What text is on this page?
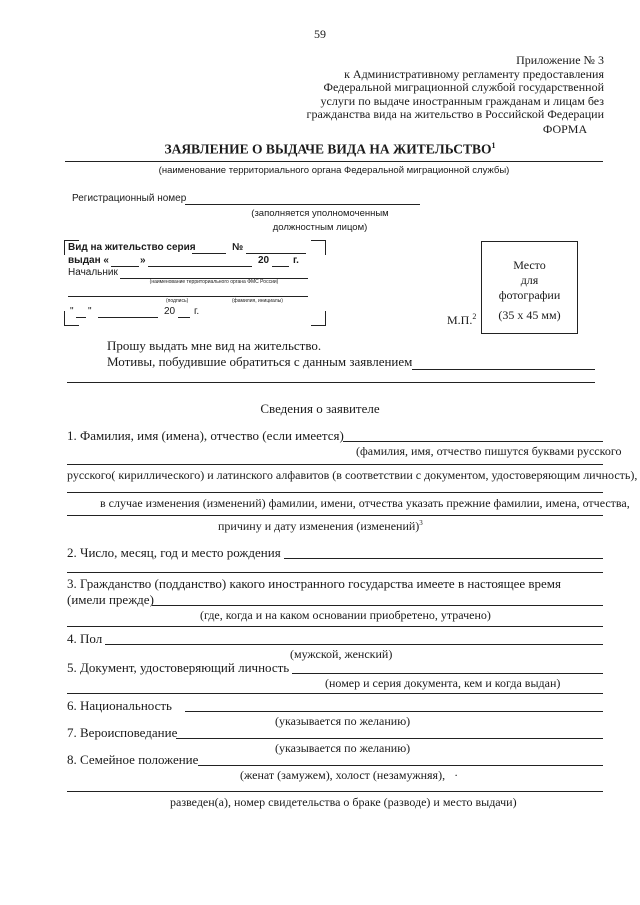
59
Приложение № 3
к Административному регламенту предоставления
Федеральной миграционной службой государственной
услуги по выдаче иностранным гражданам и лицам без
гражданства вида на жительство в Российской Федерации
ФОРМА
ЗАЯВЛЕНИЕ О ВЫДАЧЕ ВИДА НА ЖИТЕЛЬСТВО$^1$
(наименование территориального органа Федеральной миграционной службы)
Регистрационный номер
(заполняется уполномоченным
должностным лицом)
Вид на жительство серия	№
выдан «	»	20 г.
Начальник
(наименование территориального органа ФМС России)
(подпись)	(фамилия, инициалы)
" "	20 г.
М.П.$^2$
Место
для
фотографии
(35 х 45 мм)
Прошу выдать мне вид на жительство.
Мотивы, побудившие обратиться с данным заявлением
Сведения о заявителе
1. Фамилия, имя (имена), отчество (если имеется)
(фамилия, имя, отчество пишутся буквами русского
русского( кириллического) и латинского алфавитов (в соответствии с документом, удостоверяющим личность),
в случае изменения (изменений) фамилии, имени, отчества указать прежние фамилии, имена, отчества,
причину и дату изменения (изменений)$^3$
2. Число, месяц, год и место рождения
3. Гражданство (подданство) какого иностранного государства имеете в настоящее время
(имели прежде)
(где, когда и на каком основании приобретено, утрачено)
4. Пол
(мужской, женский)
5. Документ, удостоверяющий личность
(номер и серия документа, кем и когда выдан)
6. Национальность
(указывается по желанию)
7. Вероисповедание
(указывается по желанию)
8. Семейное положение
(женат (замужем), холост (незамужняя), ·
разведен(а), номер свидетельства о браке (разводе) и место выдачи)
